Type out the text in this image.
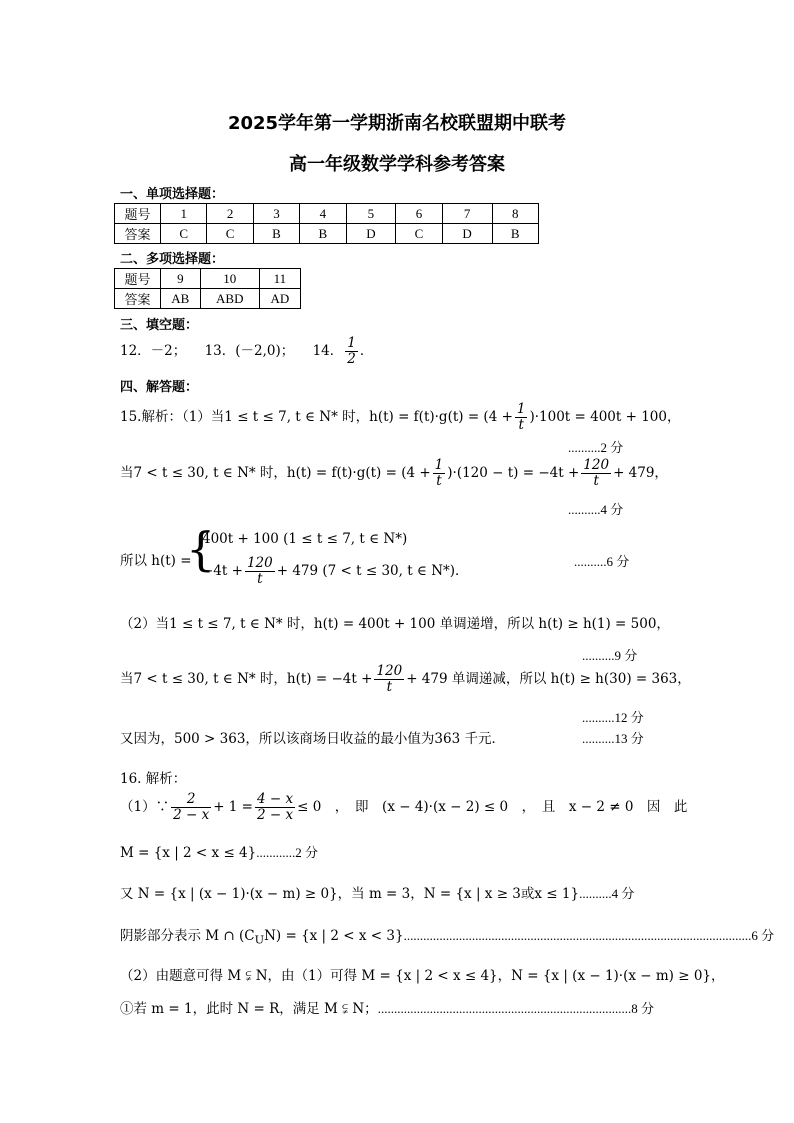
2025学年第一学期浙南名校联盟期中联考
高一年级数学学科参考答案
一、单项选择题：
题号	1	2	3	4	5	6	7	8
答案	C	C	B	B	D	C	D	B
二、多项选择题：
题号	9	10	11
答案	AB	ABD	AD
三、填空题：
12．－2； 13．(－2,0)； 14． $\frac{1}{2}$ ．
四、解答题：
15.解析：（1）当1 ≤ t ≤ 7, t ∈ N* 时，$h(t) = f(t)\cdot g(t) = (4 + \frac{1}{t} )\cdot 100t = 400t + 100$，
..........2 分
当7 < t ≤ 30, t ∈ N* 时，$h(t) = f(t)\cdot g(t) = (4 + \frac{1}{t} )\cdot(120 - t) = -4t + \frac{120}{t} + 479$，
..........4 分
所以 h(t) =
{
400t + 100 (1 ≤ t ≤ 7, t ∈ N*)
$-4t + \frac{120}{t} + 479$ (7 < t ≤ 30, t ∈ N*)．
..........6 分
（2）当1 ≤ t ≤ 7, t ∈ N* 时，h(t) = 400t + 100 单调递增，所以 h(t) ≥ h(1) = 500，
..........9 分
当7 < t ≤ 30, t ∈ N* 时，$h(t) = -4t + \frac{120}{t} + 479$ 单调递减，所以 h(t) ≥ h(30) = 363，
..........12 分
又因为，500 > 363，所以该商场日收益的最小值为363 千元．	..........13 分
16. 解析：
（1）∵ $\frac{2}{2 - x} + 1 = \frac{4 - x}{2 - x} \le 0$　，　即　(x − 4)·(x − 2) ≤ 0　，　且　x − 2 ≠ 0　因　此
M = {x | 2 < x ≤ 4}............2 分
又 N = {x | (x − 1)·(x − m) ≥ 0}，当 m = 3，N = {x | x ≥ 3或x ≤ 1}..........4 分
阴影部分表示 M ∩ $(C_UN) = \{x$ | 2 < x < 3}...........................................................................................................6 分
（2）由题意可得 M ⫋ N，由（1）可得 M = {x | 2 < x ≤ 4}，N = {x | (x − 1)·(x − m) ≥ 0}，
①若 m = 1，此时 N = R，满足 M ⫋ N；..............................................................................8 分
